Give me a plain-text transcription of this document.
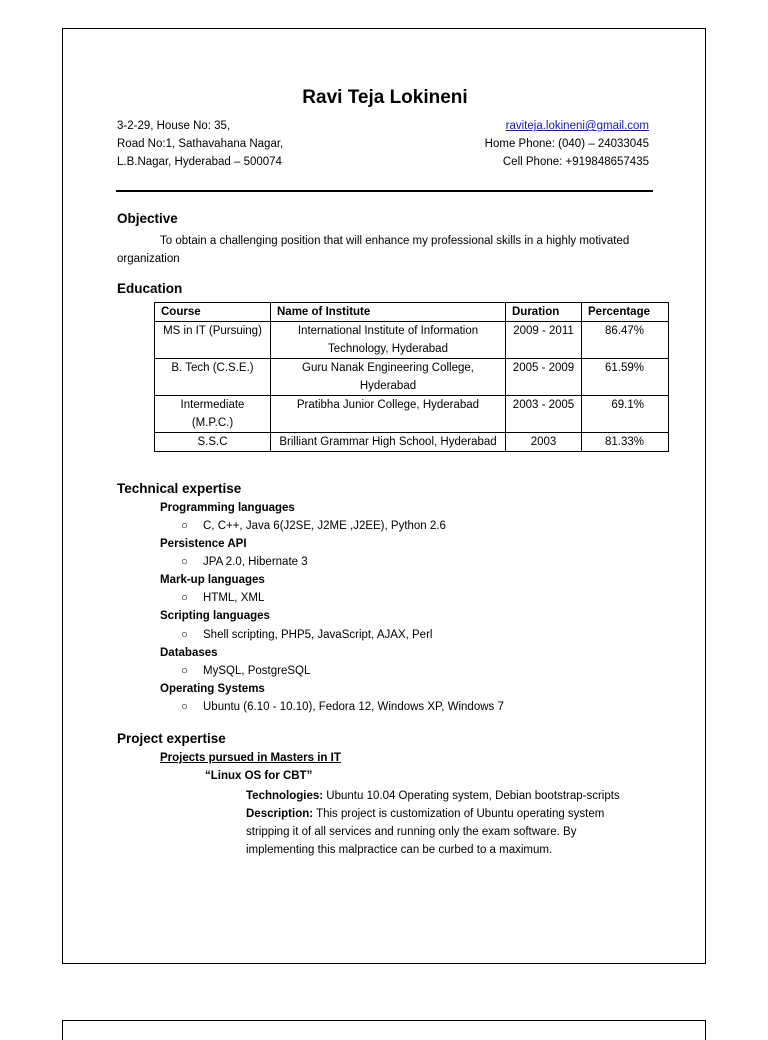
Ravi Teja Lokineni
3-2-29, House No: 35,
Road No:1, Sathavahana Nagar,
L.B.Nagar, Hyderabad – 500074
raviteja.lokineni@gmail.com
Home Phone: (040) – 24033045
Cell Phone: +919848657435
Objective
To obtain a challenging position that will enhance my professional skills in a highly motivated
organization
Education
Course	Name of Institute	Duration	Percentage
MS in IT (Pursuing)	International Institute of Information Technology, Hyderabad	2009 - 2011	86.47%
B. Tech (C.S.E.)	Guru Nanak Engineering College, Hyderabad	2005 - 2009	61.59%
Intermediate (M.P.C.)	Pratibha Junior College, Hyderabad	2003 - 2005	69.1%
S.S.C	Brilliant Grammar High School, Hyderabad	2003	81.33%
Technical expertise
Programming languages
○ C, C++, Java 6(J2SE, J2ME ,J2EE), Python 2.6
Persistence API
○ JPA 2.0, Hibernate 3
Mark-up languages
○ HTML, XML
Scripting languages
○ Shell scripting, PHP5, JavaScript, AJAX, Perl
Databases
○ MySQL, PostgreSQL
Operating Systems
○ Ubuntu (6.10 - 10.10), Fedora 12, Windows XP, Windows 7
Project expertise
Projects pursued in Masters in IT
“Linux OS for CBT”
Technologies: Ubuntu 10.04 Operating system, Debian bootstrap-scripts
Description: This project is customization of Ubuntu operating system
stripping it of all services and running only the exam software. By
implementing this malpractice can be curbed to a maximum.
